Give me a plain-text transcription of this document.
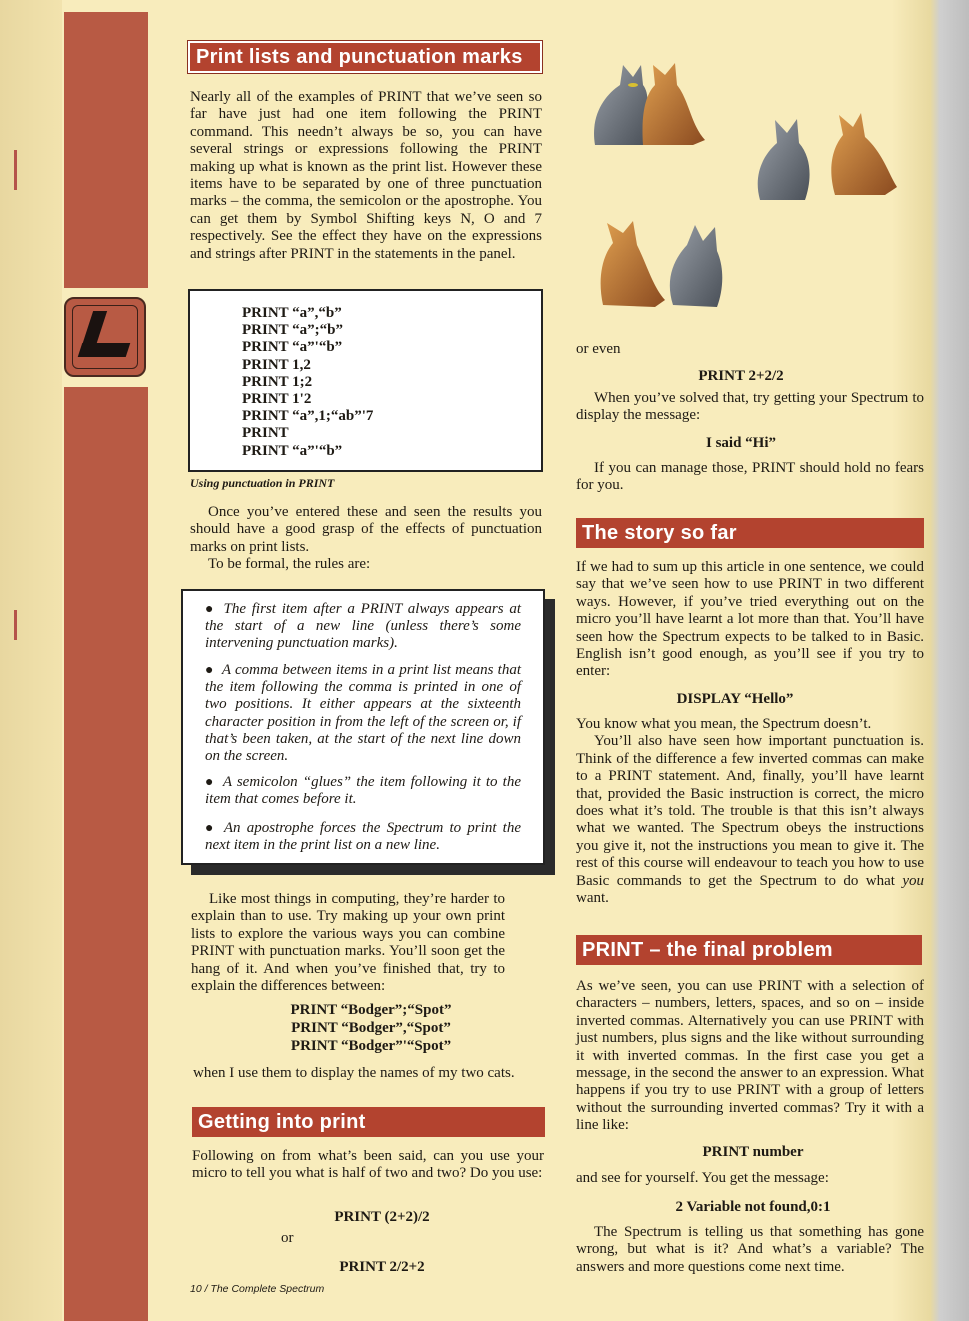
Print lists and punctuation marks

Nearly all of the examples of PRINT that we’ve seen so far have just had one item following the PRINT command. This needn’t always be so, you can have several strings or expressions following the PRINT making up what is known as the print list. However these items have to be separated by one of three punctuation marks – the comma, the semicolon or the apostrophe. You can get them by Symbol Shifting keys N, O and 7 respectively. See the effect they have on the expressions and strings after PRINT in the statements in the panel.

PRINT “a”,“b”
PRINT “a”;“b”
PRINT “a”'“b”
PRINT 1,2
PRINT 1;2
PRINT 1'2
PRINT “a”,1;“ab”'7
PRINT
PRINT “a”'“b”
Using punctuation in PRINT

Once you’ve entered these and seen the results you should have a good grasp of the effects of punctuation marks on print lists.

To be formal, the rules are:

● The first item after a PRINT always appears at the start of a new line (unless there’s some intervening punctuation marks).
● A comma between items in a print list means that the item following the comma is printed in one of two positions. It either appears at the sixteenth character position in from the left of the screen or, if that’s been taken, at the start of the next line down on the screen.
● A semicolon “glues” the item following it to the item that comes before it.
● An apostrophe forces the Spectrum to print the next item in the print list on a new line.

Like most things in computing, they’re harder to explain than to use. Try making up your own print lists to explore the various ways you can combine PRINT with punctuation marks. You’ll soon get the hang of it. And when you’ve finished that, try to explain the differences between:

PRINT “Bodger”;“Spot”
PRINT “Bodger”,“Spot”
PRINT “Bodger”'“Spot”

when I use them to display the names of my two cats.

Getting into print

Following on from what’s been said, can you use your micro to tell you what is half of two and two? Do you use:

PRINT (2+2)/2

or

PRINT 2/2+2
10 / The Complete Spectrum

or even

PRINT 2+2/2

When you’ve solved that, try getting your Spectrum to display the message:

I said “Hi”

If you can manage those, PRINT should hold no fears for you.

The story so far

If we had to sum up this article in one sentence, we could say that we’ve seen how to use PRINT in two different ways. However, if you’ve tried everything out on the micro you’ll have learnt a lot more than that. You’ll have seen how the Spectrum expects to be talked to in Basic. English isn’t good enough, as you’ll see if you try to enter:

DISPLAY “Hello”

You know what you mean, the Spectrum doesn’t.

You’ll also have seen how important punctuation is. Think of the difference a few inverted commas can make to a PRINT statement. And, finally, you’ll have learnt that, provided the Basic instruction is correct, the micro does what it’s told. The trouble is that this isn’t always what we wanted. The Spectrum obeys the instructions you give it, not the instructions you mean to give it. The rest of this course will endeavour to teach you how to use Basic commands to get the Spectrum to do what you want.

PRINT – the final problem

As we’ve seen, you can use PRINT with a selection of characters – numbers, letters, spaces, and so on – inside inverted commas. Alternatively you can use PRINT with just numbers, plus signs and the like without surrounding it with inverted commas. In the first case you get a message, in the second the answer to an expression. What happens if you try to use PRINT with a group of letters without the surrounding inverted commas? Try it with a line like:

PRINT number

and see for yourself. You get the message:

2 Variable not found,0:1

The Spectrum is telling us that something has gone wrong, but what is it? And what’s a variable? The answers and more questions come next time.
